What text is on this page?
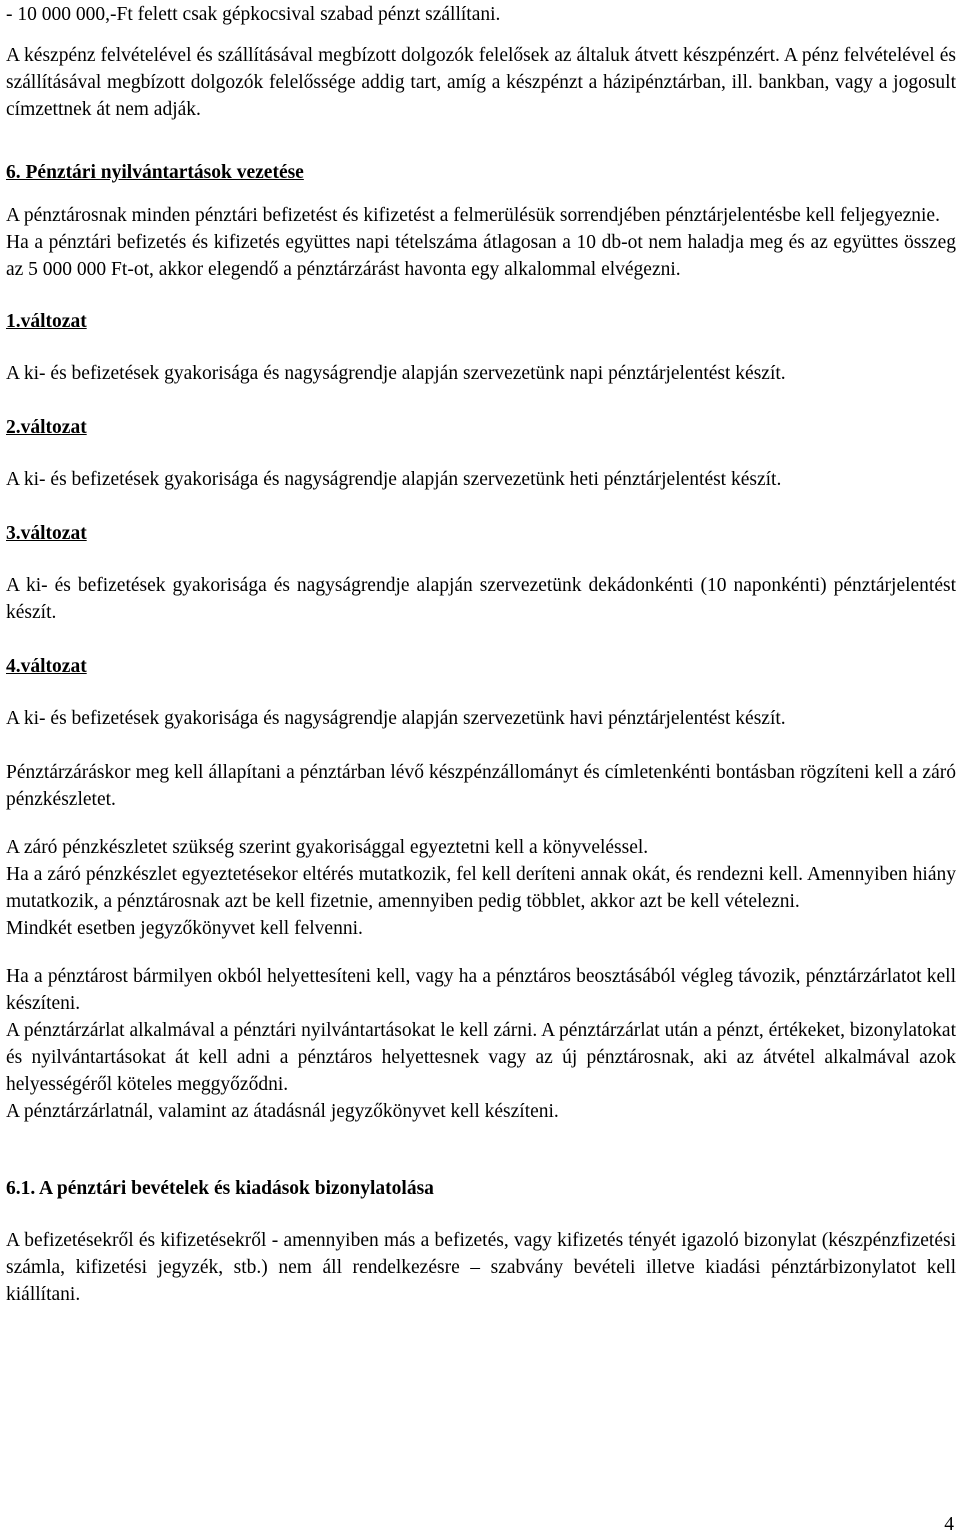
- 10 000 000,-Ft felett csak gépkocsival szabad pénzt szállítani.

A készpénz felvételével és szállításával megbízott dolgozók felelősek az általuk átvett készpénzért. A pénz felvételével és szállításával megbízott dolgozók felelőssége addig tart, amíg a készpénzt a házipénztárban, ill. bankban, vagy a jogosult címzettnek át nem adják.

6. Pénztári nyilvántartások vezetése

A pénztárosnak minden pénztári befizetést és kifizetést a felmerülésük sorrendjében pénztárjelentésbe kell feljegyeznie.

Ha a pénztári befizetés és kifizetés együttes napi tételszáma átlagosan a 10 db-ot nem haladja meg és az együttes összeg az 5 000 000 Ft-ot, akkor elegendő a pénztárzárást havonta egy alkalommal elvégezni.

1.változat

A ki- és befizetések gyakorisága és nagyságrendje alapján szervezetünk napi pénztárjelentést készít.

2.változat

A ki- és befizetések gyakorisága és nagyságrendje alapján szervezetünk heti pénztárjelentést készít.

3.változat

A ki- és befizetések gyakorisága és nagyságrendje alapján szervezetünk dekádonkénti (10 naponkénti) pénztárjelentést készít.

4.változat

A ki- és befizetések gyakorisága és nagyságrendje alapján szervezetünk havi pénztárjelentést készít.

Pénztárzáráskor meg kell állapítani a pénztárban lévő készpénzállományt és címletenkénti bontásban rögzíteni kell a záró pénzkészletet.

A záró pénzkészletet szükség szerint gyakorisággal egyeztetni kell a könyveléssel.

Ha a záró pénzkészlet egyeztetésekor eltérés mutatkozik, fel kell deríteni annak okát, és rendezni kell. Amennyiben hiány mutatkozik, a pénztárosnak azt be kell fizetnie, amennyiben pedig többlet, akkor azt be kell vételezni.

Mindkét esetben jegyzőkönyvet kell felvenni.

Ha a pénztárost bármilyen okból helyettesíteni kell, vagy ha a pénztáros beosztásából végleg távozik, pénztárzárlatot kell készíteni.

A pénztárzárlat alkalmával a pénztári nyilvántartásokat le kell zárni. A pénztárzárlat után a pénzt, értékeket, bizonylatokat és nyilvántartásokat át kell adni a pénztáros helyettesnek vagy az új pénztárosnak, aki az átvétel alkalmával azok helyességéről köteles meggyőződni.

A pénztárzárlatnál, valamint az átadásnál jegyzőkönyvet kell készíteni.

6.1. A pénztári bevételek és kiadások bizonylatolása

A befizetésekről és kifizetésekről - amennyiben más a befizetés, vagy kifizetés tényét igazoló bizonylat (készpénzfizetési számla, kifizetési jegyzék, stb.) nem áll rendelkezésre – szabvány bevételi illetve kiadási pénztárbizonylatot kell kiállítani.

4
